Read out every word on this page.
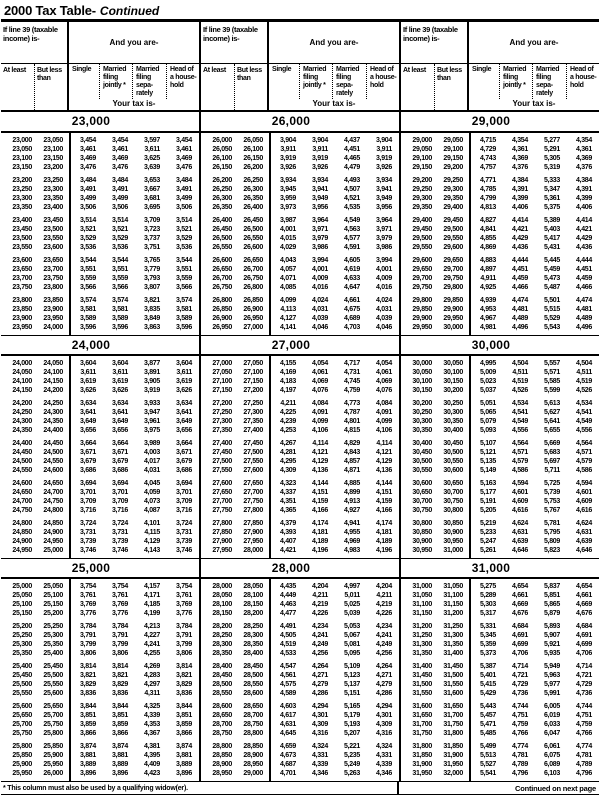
2000 Tax Table- Continued
If line 39 (taxable income) is-
At least	But less than
And you are-
Single	Married filing jointly *
Married filing sepa- rately
Head of a house- hold
Your tax is-
23,000
23,000	23,050	3,454	3,454	3,597	3,454
23,050	23,100	3,461	3,461	3,611	3,461
23,100	23,150	3,469	3,469	3,625	3,469
23,150	23,200	3,476	3,476	3,639	3,476
23,200	23,250	3,484	3,484	3,653	3,484
23,250	23,300	3,491	3,491	3,667	3,491
23,300	23,350	3,499	3,499	3,681	3,499
23,350	23,400	3,506	3,506	3,695	3,506
23,400	23,450	3,514	3,514	3,709	3,514
23,450	23,500	3,521	3,521	3,723	3,521
23,500	23,550	3,529	3,529	3,737	3,529
23,550	23,600	3,536	3,536	3,751	3,536
23,600	23,650	3,544	3,544	3,765	3,544
23,650	23,700	3,551	3,551	3,779	3,551
23,700	23,750	3,559	3,559	3,793	3,559
23,750	23,800	3,566	3,566	3,807	3,566
23,800	23,850	3,574	3,574	3,821	3,574
23,850	23,900	3,581	3,581	3,835	3,581
23,900	23,950	3,589	3,589	3,849	3,589
23,950	24,000	3,596	3,596	3,863	3,596
24,000
24,000	24,050	3,604	3,604	3,877	3,604
24,050	24,100	3,611	3,611	3,891	3,611
24,100	24,150	3,619	3,619	3,905	3,619
24,150	24,200	3,626	3,626	3,919	3,626
24,200	24,250	3,634	3,634	3,933	3,634
24,250	24,300	3,641	3,641	3,947	3,641
24,300	24,350	3,649	3,649	3,961	3,649
24,350	24,400	3,656	3,656	3,975	3,656
24,400	24,450	3,664	3,664	3,989	3,664
24,450	24,500	3,671	3,671	4,003	3,671
24,500	24,550	3,679	3,679	4,017	3,679
24,550	24,600	3,686	3,686	4,031	3,686
24,600	24,650	3,694	3,694	4,045	3,694
24,650	24,700	3,701	3,701	4,059	3,701
24,700	24,750	3,709	3,709	4,073	3,709
24,750	24,800	3,716	3,716	4,087	3,716
24,800	24,850	3,724	3,724	4,101	3,724
24,850	24,900	3,731	3,731	4,115	3,731
24,900	24,950	3,739	3,739	4,129	3,739
24,950	25,000	3,746	3,746	4,143	3,746
25,000
25,000	25,050	3,754	3,754	4,157	3,754
25,050	25,100	3,761	3,761	4,171	3,761
25,100	25,150	3,769	3,769	4,185	3,769
25,150	25,200	3,776	3,776	4,199	3,776
25,200	25,250	3,784	3,784	4,213	3,784
25,250	25,300	3,791	3,791	4,227	3,791
25,300	25,350	3,799	3,799	4,241	3,799
25,350	25,400	3,806	3,806	4,255	3,806
25,400	25,450	3,814	3,814	4,269	3,814
25,450	25,500	3,821	3,821	4,283	3,821
25,500	25,550	3,829	3,829	4,297	3,829
25,550	25,600	3,836	3,836	4,311	3,836
25,600	25,650	3,844	3,844	4,325	3,844
25,650	25,700	3,851	3,851	4,339	3,851
25,700	25,750	3,859	3,859	4,353	3,859
25,750	25,800	3,866	3,866	4,367	3,866
25,800	25,850	3,874	3,874	4,381	3,874
25,850	25,900	3,881	3,881	4,395	3,881
25,900	25,950	3,889	3,889	4,409	3,889
25,950	26,000	3,896	3,896	4,423	3,896
If line 39 (taxable income) is-
At least	But less than
And you are-
Single	Married filing jointly *
Married filing sepa- rately
Head of a house- hold
Your tax is-
26,000
26,000	26,050	3,904	3,904	4,437	3,904
26,050	26,100	3,911	3,911	4,451	3,911
26,100	26,150	3,919	3,919	4,465	3,919
26,150	26,200	3,926	3,926	4,479	3,926
26,200	26,250	3,934	3,934	4,493	3,934
26,250	26,300	3,945	3,941	4,507	3,941
26,300	26,350	3,959	3,949	4,521	3,949
26,350	26,400	3,973	3,956	4,535	3,956
26,400	26,450	3,987	3,964	4,549	3,964
26,450	26,500	4,001	3,971	4,563	3,971
26,500	26,550	4,015	3,979	4,577	3,979
26,550	26,600	4,029	3,986	4,591	3,986
26,600	26,650	4,043	3,994	4,605	3,994
26,650	26,700	4,057	4,001	4,619	4,001
26,700	26,750	4,071	4,009	4,633	4,009
26,750	26,800	4,085	4,016	4,647	4,016
26,800	26,850	4,099	4,024	4,661	4,024
26,850	26,900	4,113	4,031	4,675	4,031
26,900	26,950	4,127	4,039	4,689	4,039
26,950	27,000	4,141	4,046	4,703	4,046
27,000
27,000	27,050	4,155	4,054	4,717	4,054
27,050	27,100	4,169	4,061	4,731	4,061
27,100	27,150	4,183	4,069	4,745	4,069
27,150	27,200	4,197	4,076	4,759	4,076
27,200	27,250	4,211	4,084	4,773	4,084
27,250	27,300	4,225	4,091	4,787	4,091
27,300	27,350	4,239	4,099	4,801	4,099
27,350	27,400	4,253	4,106	4,815	4,106
27,400	27,450	4,267	4,114	4,829	4,114
27,450	27,500	4,281	4,121	4,843	4,121
27,500	27,550	4,295	4,129	4,857	4,129
27,550	27,600	4,309	4,136	4,871	4,136
27,600	27,650	4,323	4,144	4,885	4,144
27,650	27,700	4,337	4,151	4,899	4,151
27,700	27,750	4,351	4,159	4,913	4,159
27,750	27,800	4,365	4,166	4,927	4,166
27,800	27,850	4,379	4,174	4,941	4,174
27,850	27,900	4,393	4,181	4,955	4,181
27,900	27,950	4,407	4,189	4,969	4,189
27,950	28,000	4,421	4,196	4,983	4,196
28,000
28,000	28,050	4,435	4,204	4,997	4,204
28,050	28,100	4,449	4,211	5,011	4,211
28,100	28,150	4,463	4,219	5,025	4,219
28,150	28,200	4,477	4,226	5,039	4,226
28,200	28,250	4,491	4,234	5,053	4,234
28,250	28,300	4,505	4,241	5,067	4,241
28,300	28,350	4,519	4,249	5,081	4,249
28,350	28,400	4,533	4,256	5,095	4,256
28,400	28,450	4,547	4,264	5,109	4,264
28,450	28,500	4,561	4,271	5,123	4,271
28,500	28,550	4,575	4,279	5,137	4,279
28,550	28,600	4,589	4,286	5,151	4,286
28,600	28,650	4,603	4,294	5,165	4,294
28,650	28,700	4,617	4,301	5,179	4,301
28,700	28,750	4,631	4,309	5,193	4,309
28,750	28,800	4,645	4,316	5,207	4,316
28,800	28,850	4,659	4,324	5,221	4,324
28,850	28,900	4,673	4,331	5,235	4,331
28,900	28,950	4,687	4,339	5,249	4,339
28,950	29,000	4,701	4,346	5,263	4,346
If line 39 (taxable income) is-
At least	But less than
And you are-
Single	Married filing jointly *
Married filing sepa- rately
Head of a house- hold
Your tax is-
29,000
29,000	29,050	4,715	4,354	5,277	4,354
29,050	29,100	4,729	4,361	5,291	4,361
29,100	29,150	4,743	4,369	5,305	4,369
29,150	29,200	4,757	4,376	5,319	4,376
29,200	29,250	4,771	4,384	5,333	4,384
29,250	29,300	4,785	4,391	5,347	4,391
29,300	29,350	4,799	4,399	5,361	4,399
29,350	29,400	4,813	4,406	5,375	4,406
29,400	29,450	4,827	4,414	5,389	4,414
29,450	29,500	4,841	4,421	5,403	4,421
29,500	29,550	4,855	4,429	5,417	4,429
29,550	29,600	4,869	4,436	5,431	4,436
29,600	29,650	4,883	4,444	5,445	4,444
29,650	29,700	4,897	4,451	5,459	4,451
29,700	29,750	4,911	4,459	5,473	4,459
29,750	29,800	4,925	4,466	5,487	4,466
29,800	29,850	4,939	4,474	5,501	4,474
29,850	29,900	4,953	4,481	5,515	4,481
29,900	29,950	4,967	4,489	5,529	4,489
29,950	30,000	4,981	4,496	5,543	4,496
30,000
30,000	30,050	4,995	4,504	5,557	4,504
30,050	30,100	5,009	4,511	5,571	4,511
30,100	30,150	5,023	4,519	5,585	4,519
30,150	30,200	5,037	4,526	5,599	4,526
30,200	30,250	5,051	4,534	5,613	4,534
30,250	30,300	5,065	4,541	5,627	4,541
30,300	30,350	5,079	4,549	5,641	4,549
30,350	30,400	5,093	4,556	5,655	4,556
30,400	30,450	5,107	4,564	5,669	4,564
30,450	30,500	5,121	4,571	5,683	4,571
30,500	30,550	5,135	4,579	5,697	4,579
30,550	30,600	5,149	4,586	5,711	4,586
30,600	30,650	5,163	4,594	5,725	4,594
30,650	30,700	5,177	4,601	5,739	4,601
30,700	30,750	5,191	4,609	5,753	4,609
30,750	30,800	5,205	4,616	5,767	4,616
30,800	30,850	5,219	4,624	5,781	4,624
30,850	30,900	5,233	4,631	5,795	4,631
30,900	30,950	5,247	4,639	5,809	4,639
30,950	31,000	5,261	4,646	5,823	4,646
31,000
31,000	31,050	5,275	4,654	5,837	4,654
31,050	31,100	5,289	4,661	5,851	4,661
31,100	31,150	5,303	4,669	5,865	4,669
31,150	31,200	5,317	4,676	5,879	4,676
31,200	31,250	5,331	4,684	5,893	4,684
31,250	31,300	5,345	4,691	5,907	4,691
31,300	31,350	5,359	4,699	5,921	4,699
31,350	31,400	5,373	4,706	5,935	4,706
31,400	31,450	5,387	4,714	5,949	4,714
31,450	31,500	5,401	4,721	5,963	4,721
31,500	31,550	5,415	4,729	5,977	4,729
31,550	31,600	5,429	4,736	5,991	4,736
31,600	31,650	5,443	4,744	6,005	4,744
31,650	31,700	5,457	4,751	6,019	4,751
31,700	31,750	5,471	4,759	6,033	4,759
31,750	31,800	5,485	4,766	6,047	4,766
31,800	31,850	5,499	4,774	6,061	4,774
31,850	31,900	5,513	4,781	6,075	4,781
31,900	31,950	5,527	4,789	6,089	4,789
31,950	32,000	5,541	4,796	6,103	4,796
* This column must also be used by a qualifying widow(er).	Continued on next page
